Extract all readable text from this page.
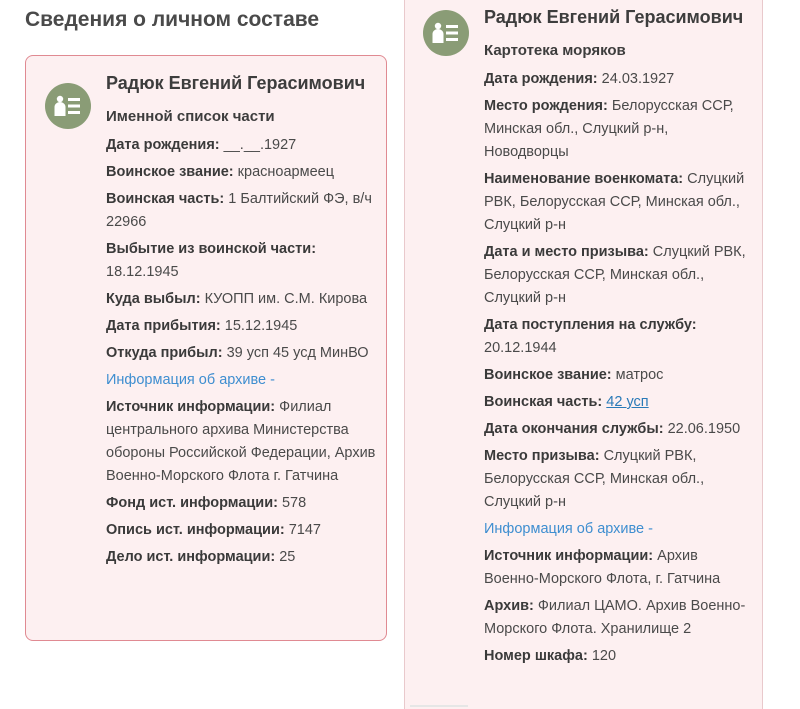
Сведения о личном составе
Радюк Евгений Герасимович
Именной список части
Дата рождения: __.__.1927
Воинское звание: красноармеец
Воинская часть: 1 Балтийский ФЭ, в/ч 22966
Выбытие из воинской части: 18.12.1945
Куда выбыл: КУОПП им. С.М. Кирова
Дата прибытия: 15.12.1945
Откуда прибыл: 39 усп 45 усд МинВО
Информация об архиве -
Источник информации: Филиал центрального архива Министерства обороны Российской Федерации, Архив Военно-Морского Флота г. Гатчина
Фонд ист. информации: 578
Опись ист. информации: 7147
Дело ист. информации: 25
Радюк Евгений Герасимович
Картотека моряков
Дата рождения: 24.03.1927
Место рождения: Белорусская ССР, Минская обл., Слуцкий р-н, Новодворцы
Наименование военкомата: Слуцкий РВК, Белорусская ССР, Минская обл., Слуцкий р-н
Дата и место призыва: Слуцкий РВК, Белорусская ССР, Минская обл., Слуцкий р-н
Дата поступления на службу: 20.12.1944
Воинское звание: матрос
Воинская часть: 42 усп
Дата окончания службы: 22.06.1950
Место призыва: Слуцкий РВК, Белорусская ССР, Минская обл., Слуцкий р-н
Информация об архиве -
Источник информации: Архив Военно-Морского Флота, г. Гатчина
Архив: Филиал ЦАМО. Архив Военно-Морского Флота. Хранилище 2
Номер шкафа: 120
